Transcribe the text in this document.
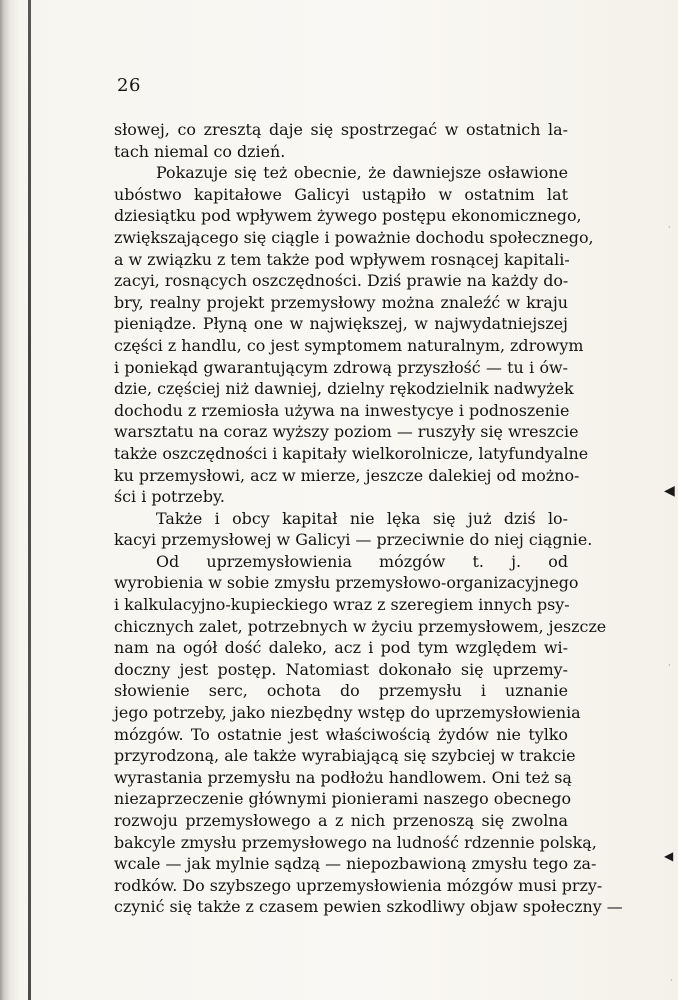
26
słowej, co zresztą daje się spostrzegać w ostatnich la-
tach niemal co dzień.
Pokazuje się też obecnie, że dawniejsze osławione
ubóstwo kapitałowe Galicyi ustąpiło w ostatnim lat
dziesiątku pod wpływem żywego postępu ekonomicznego,
zwiększającego się ciągle i poważnie dochodu społecznego,
a w związku z tem także pod wpływem rosnącej kapitali-
zacyi, rosnących oszczędności. Dziś prawie na każdy do-
bry, realny projekt przemysłowy można znaleźć w kraju
pieniądze. Płyną one w największej, w najwydatniejszej
części z handlu, co jest symptomem naturalnym, zdrowym
i poniekąd gwarantującym zdrową przyszłość — tu i ów-
dzie, częściej niż dawniej, dzielny rękodzielnik nadwyżek
dochodu z rzemiosła używa na inwestycye i podnoszenie
warsztatu na coraz wyższy poziom — ruszyły się wreszcie
także oszczędności i kapitały wielkorolnicze, latyfundyalne
ku przemysłowi, acz w mierze, jeszcze dalekiej od możno-
ści i potrzeby.
Także i obcy kapitał nie lęka się już dziś lo-
kacyi przemysłowej w Galicyi — przeciwnie do niej ciągnie.
Od uprzemysłowienia mózgów t. j. od
wyrobienia w sobie zmysłu przemysłowo-organizacyjnego
i kalkulacyjno-kupieckiego wraz z szeregiem innych psy-
chicznych zalet, potrzebnych w życiu przemysłowem, jeszcze
nam na ogół dość daleko, acz i pod tym względem wi-
doczny jest postęp. Natomiast dokonało się uprzemy-
słowienie serc, ochota do przemysłu i uznanie
jego potrzeby, jako niezbędny wstęp do uprzemysłowienia
mózgów. To ostatnie jest właściwością żydów nie tylko
przyrodzoną, ale także wyrabiającą się szybciej w trakcie
wyrastania przemysłu na podłożu handlowem. Oni też są
niezaprzeczenie głównymi pionierami naszego obecnego
rozwoju przemysłowego a z nich przenoszą się zwolna
bakcyle zmysłu przemysłowego na ludność rdzennie polską,
wcale — jak mylnie sądzą — niepozbawioną zmysłu tego za-
rodków. Do szybszego uprzemysłowienia mózgów musi przy-
czynić się także z czasem pewien szkodliwy objaw społeczny —
◀
◀
·
·
·
